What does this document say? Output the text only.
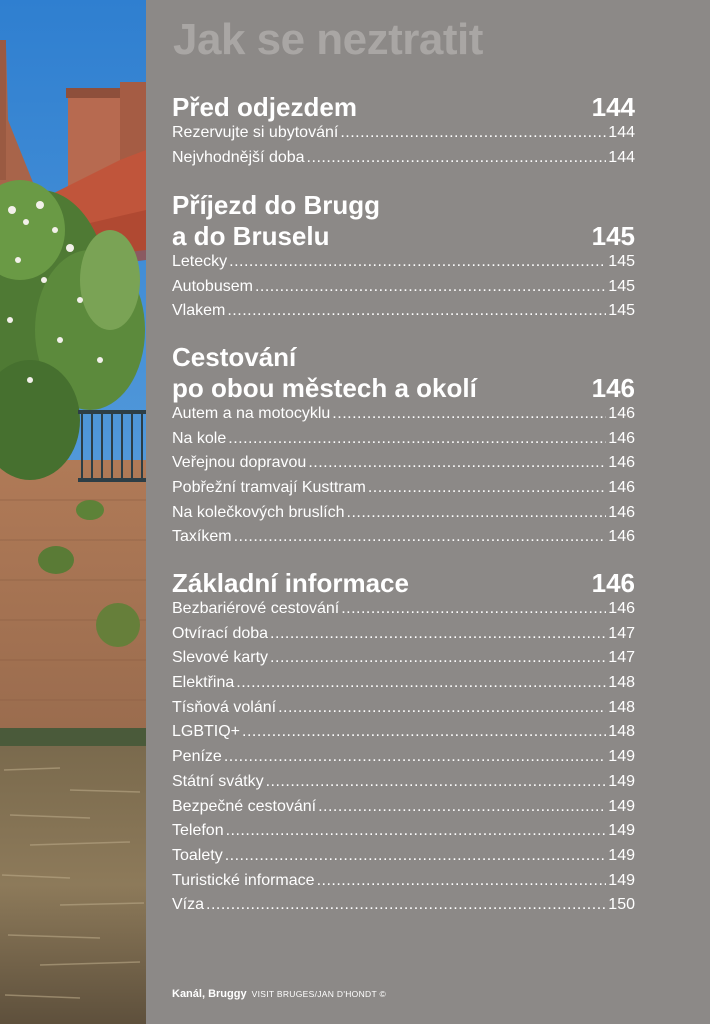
Jak se neztratit
Před odjezdem	144
Rezervujte si ubytování .....	144
Nejvhodnější doba .....	144
Příjezd do Brugg
a do Bruselu	145
Letecky .....	145
Autobusem .....	145
Vlakem .....	145
Cestování
po obou městech a okolí	146
Autem a na motocyklu .....	146
Na kole .....	146
Veřejnou dopravou .....	146
Pobřežní tramvají Kusttram .....	146
Na kolečkových bruslích .....	146
Taxíkem .....	146
Základní informace	146
Bezbariérové cestování .....	146
Otvírací doba .....	147
Slevové karty .....	147
Elektřina .....	148
Tísňová volání .....	148
LGBTIQ+ .....	148
Peníze .....	149
Státní svátky .....	149
Bezpečné cestování .....	149
Telefon .....	149
Toalety .....	149
Turistické informace .....	149
Víza .....	150
Kanál, Bruggy VISIT BRUGES/JAN D'HONDT ©
